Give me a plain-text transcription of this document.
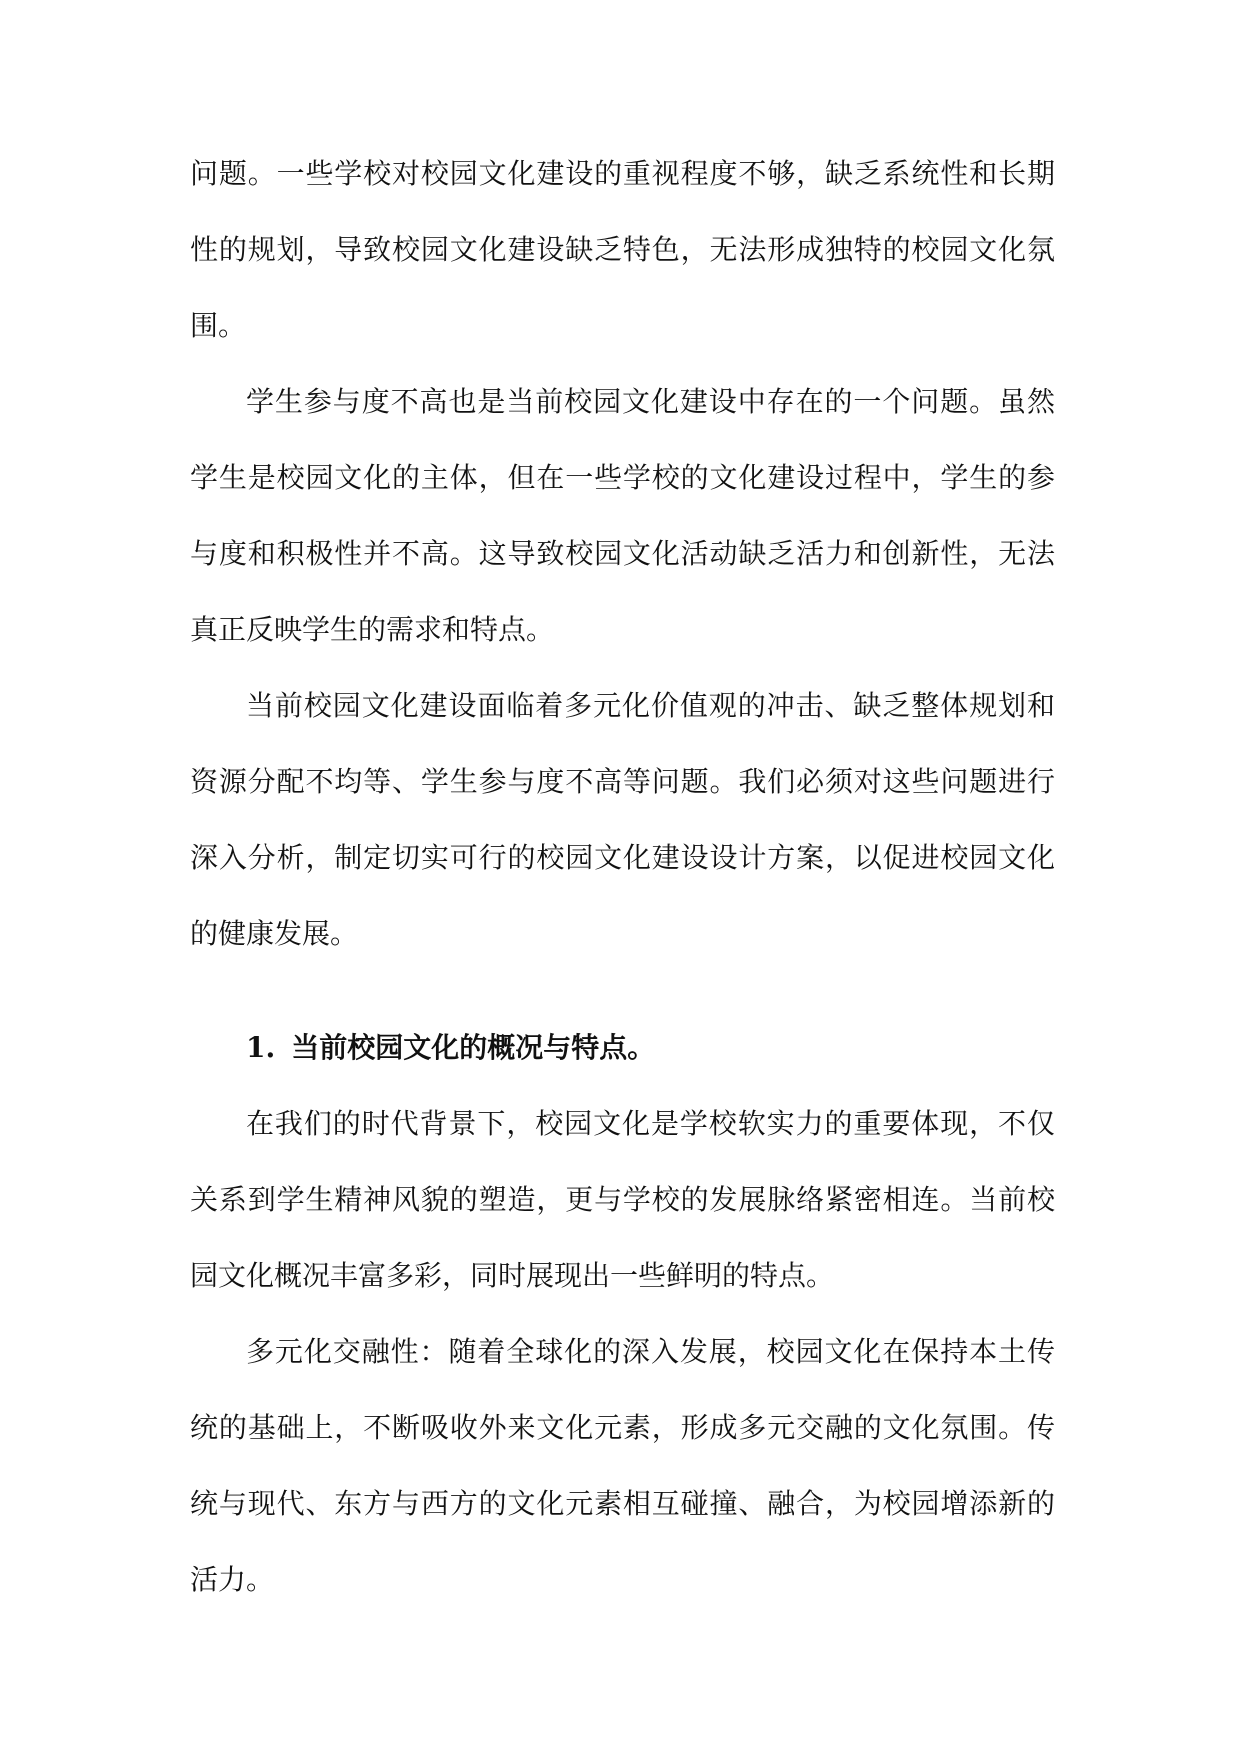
问题。一些学校对校园文化建设的重视程度不够，缺乏系统性和长期性的规划，导致校园文化建设缺乏特色，无法形成独特的校园文化氛围。

学生参与度不高也是当前校园文化建设中存在的一个问题。虽然学生是校园文化的主体，但在一些学校的文化建设过程中，学生的参与度和积极性并不高。这导致校园文化活动缺乏活力和创新性，无法真正反映学生的需求和特点。

当前校园文化建设面临着多元化价值观的冲击、缺乏整体规划和资源分配不均等、学生参与度不高等问题。我们必须对这些问题进行深入分析，制定切实可行的校园文化建设设计方案，以促进校园文化的健康发展。

1. 当前校园文化的概况与特点。

在我们的时代背景下，校园文化是学校软实力的重要体现，不仅关系到学生精神风貌的塑造，更与学校的发展脉络紧密相连。当前校园文化概况丰富多彩，同时展现出一些鲜明的特点。

多元化交融性：随着全球化的深入发展，校园文化在保持本土传统的基础上，不断吸收外来文化元素，形成多元交融的文化氛围。传统与现代、东方与西方的文化元素相互碰撞、融合，为校园增添新的活力。
